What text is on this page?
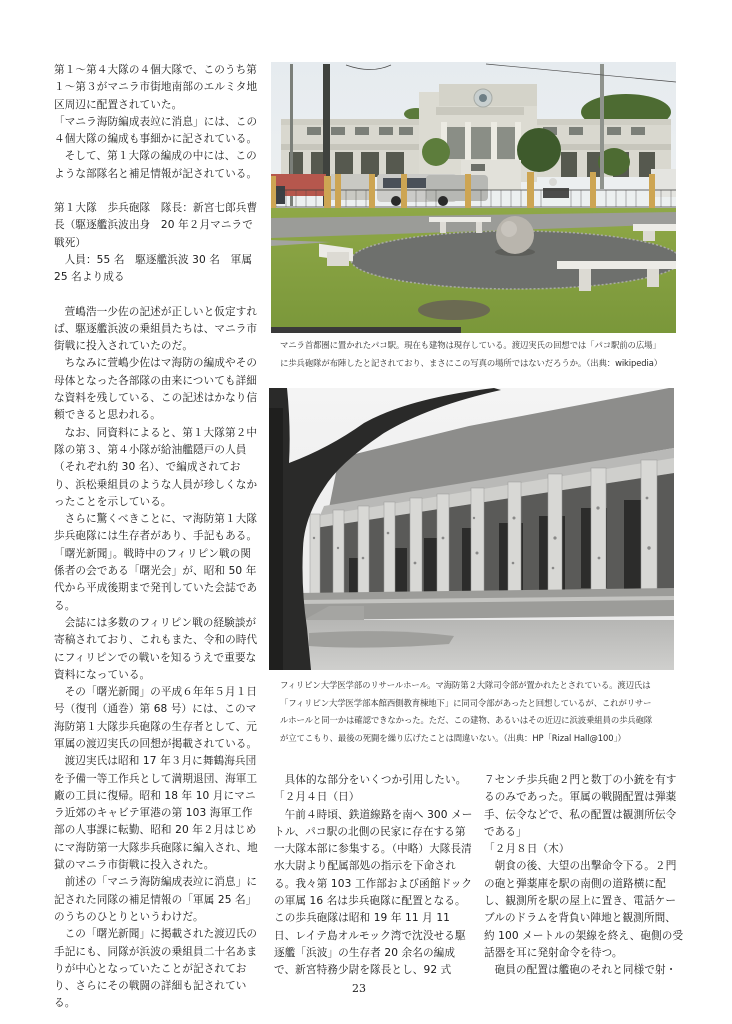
第１～第４大隊の４個大隊で、このうち第１～第３がマニラ市街地南部のエルミタ地区周辺に配置されていた。

「マニラ海防編成表竝に消息」には、この４個大隊の編成も事細かに記されている。

そして、第１大隊の編成の中には、このような部隊名と補足情報が記されている。

第１大隊　歩兵砲隊　隊長：新宮七郎兵曹長（駆逐艦浜波出身　20 年２月マニラで戦死）

人員：55 名　駆逐艦浜波 30 名　軍属 25 名より成る

萱嶋浩一少佐の記述が正しいと仮定すれば、駆逐艦浜波の乗組員たちは、マニラ市街戦に投入されていたのだ。

ちなみに萱嶋少佐はマ海防の編成やその母体となった各部隊の由来についても詳細な資料を残している、この記述はかなり信頼できると思われる。

なお、同資料によると、第１大隊第２中隊の第３、第４小隊が給油艦隠戸の人員（それぞれ約 30 名）、で編成されており、浜松乗組員のような人員が珍しくなかったことを示している。

さらに驚くべきことに、マ海防第１大隊歩兵砲隊には生存者があり、手記もある。

「曙光新聞」。戦時中のフィリピン戦の関係者の会である「曙光会」が、昭和 50 年代から平成後期まで発刊していた会誌である。

会誌には多数のフィリピン戦の経験談が寄稿されており、これもまた、令和の時代にフィリピンでの戦いを知るうえで重要な資料になっている。

その「曙光新聞」の平成６年年５月１日号（復刊（通巻）第 68 号）には、このマ海防第１大隊歩兵砲隊の生存者として、元軍属の渡辺実氏の回想が掲載されている。

渡辺実氏は昭和 17 年３月に舞鶴海兵団を予備一等工作兵として満期退団、海軍工廠の工員に復帰。昭和 18 年 10 月にマニラ近郊のキャビテ軍港の第 103 海軍工作部の人事課に転勤、昭和 20 年２月はじめにマ海防第一大隊歩兵砲隊に編入され、地獄のマニラ市街戦に投入された。

前述の「マニラ海防編成表竝に消息」に記された同隊の補足情報の「軍属 25 名」のうちのひとりというわけだ。

この「曙光新聞」に掲載された渡辺氏の手記にも、同隊が浜波の乗組員二十名あまりが中心となっていたことが記されており、さらにその戦闘の詳細も記されている。

マニラ首都圏に置かれたパコ駅。現在も建物は現存している。渡辺実氏の回想では「パコ駅前の広場」
に歩兵砲隊が布陣したと記されており、まさにこの写真の場所ではないだろうか。（出典：wikipedia）
フィリピン大学医学部のリサールホール。マ海防第２大隊司令部が置かれたとされている。渡辺氏は
「フィリピン大学医学部本館西側教育棟地下」に同司令部があったと回想しているが、これがリサー
ルホールと同一かは確認できなかった。ただ、この建物、あるいはその近辺に浜波乗組員の歩兵砲隊
が立てこもり、最後の死闘を繰り広げたことは間違いない。（出典：HP「Rizal Hall@100」）

具体的な部分をいくつか引用したい。

「２月４日（日）

午前４時頃、鉄道線路を南へ 300 メートル、パコ駅の北側の民家に存在する第一大隊本部に参集する。（中略）大隊長清水大尉より配属部処の指示を下命される。我々第 103 工作部および函館ドックの軍属 16 名は歩兵砲隊に配置となる。この歩兵砲隊は昭和 19 年 11 月 11 日、レイテ島オルモック湾で沈没せる駆逐艦「浜波」の生存者 20 余名の編成で、新宮特務少尉を隊長とし、92 式

７センチ歩兵砲２門と数丁の小銃を有するのみであった。軍属の戦闘配置は弾薬手、伝令などで、私の配置は観測所伝令である」

「２月８日（木）

朝食の後、大望の出撃命令下る。２門の砲と弾薬庫を駅の南側の道路横に配し、観測所を駅の屋上に置き、電話ケーブルのドラムを背負い陣地と観測所間、約 100 メートルの架線を終え、砲側の受話器を耳に発射命令を待つ。

砲員の配置は艦砲のそれと同様で射・

23
